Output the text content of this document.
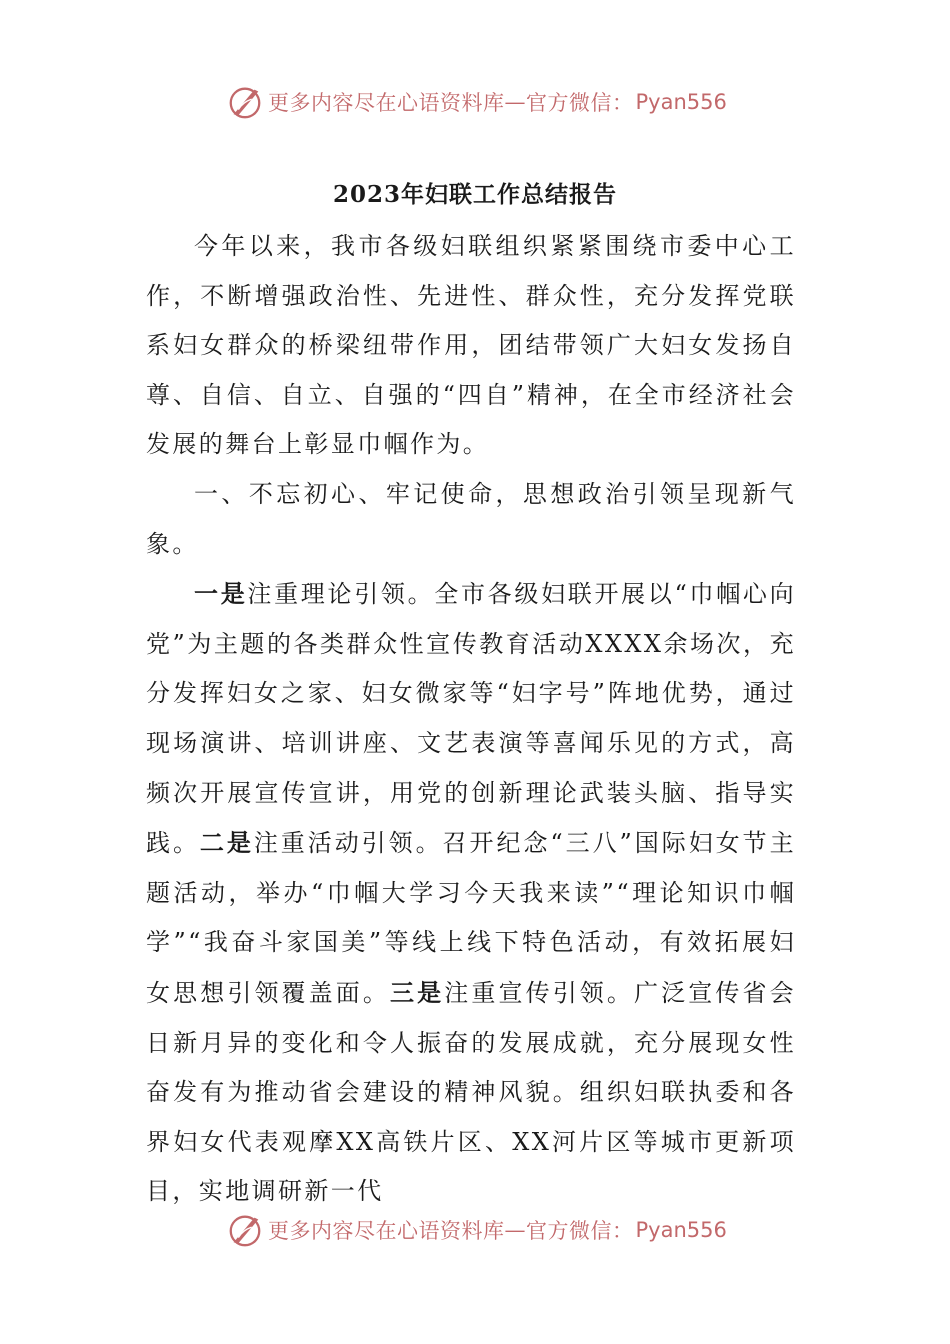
更多内容尽在心语资料库 — 官方微信： Pyan556
2023年妇联工作总结报告

今年以来，我市各级妇联组织紧紧围绕市委中心工作，不断增强政治性、先进性、群众性，充分发挥党联系妇女群众的桥梁纽带作用，团结带领广大妇女发扬自尊、自信、自立、自强的“四自”精神，在全市经济社会发展的舞台上彰显巾帼作为。

一、不忘初心、牢记使命，思想政治引领呈现新气象。

一是注重理论引领。全市各级妇联开展以“巾帼心向党”为主题的各类群众性宣传教育活动XXXX余场次，充分发挥妇女之家、妇女微家等“妇字号”阵地优势，通过现场演讲、培训讲座、文艺表演等喜闻乐见的方式，高频次开展宣传宣讲，用党的创新理论武装头脑、指导实践。二是注重活动引领。召开纪念“三八”国际妇女节主题活动，举办“巾帼大学习今天我来读”“理论知识巾帼学”“我奋斗家国美”等线上线下特色活动，有效拓展妇女思想引领覆盖面。三是注重宣传引领。广泛宣传省会日新月异的变化和令人振奋的发展成就，充分展现女性奋发有为推动省会建设的精神风貌。组织妇联执委和各界妇女代表观摩XX高铁片区、XX河片区等城市更新项目，实地调研新一代

更多内容尽在心语资料库 — 官方微信： Pyan556
